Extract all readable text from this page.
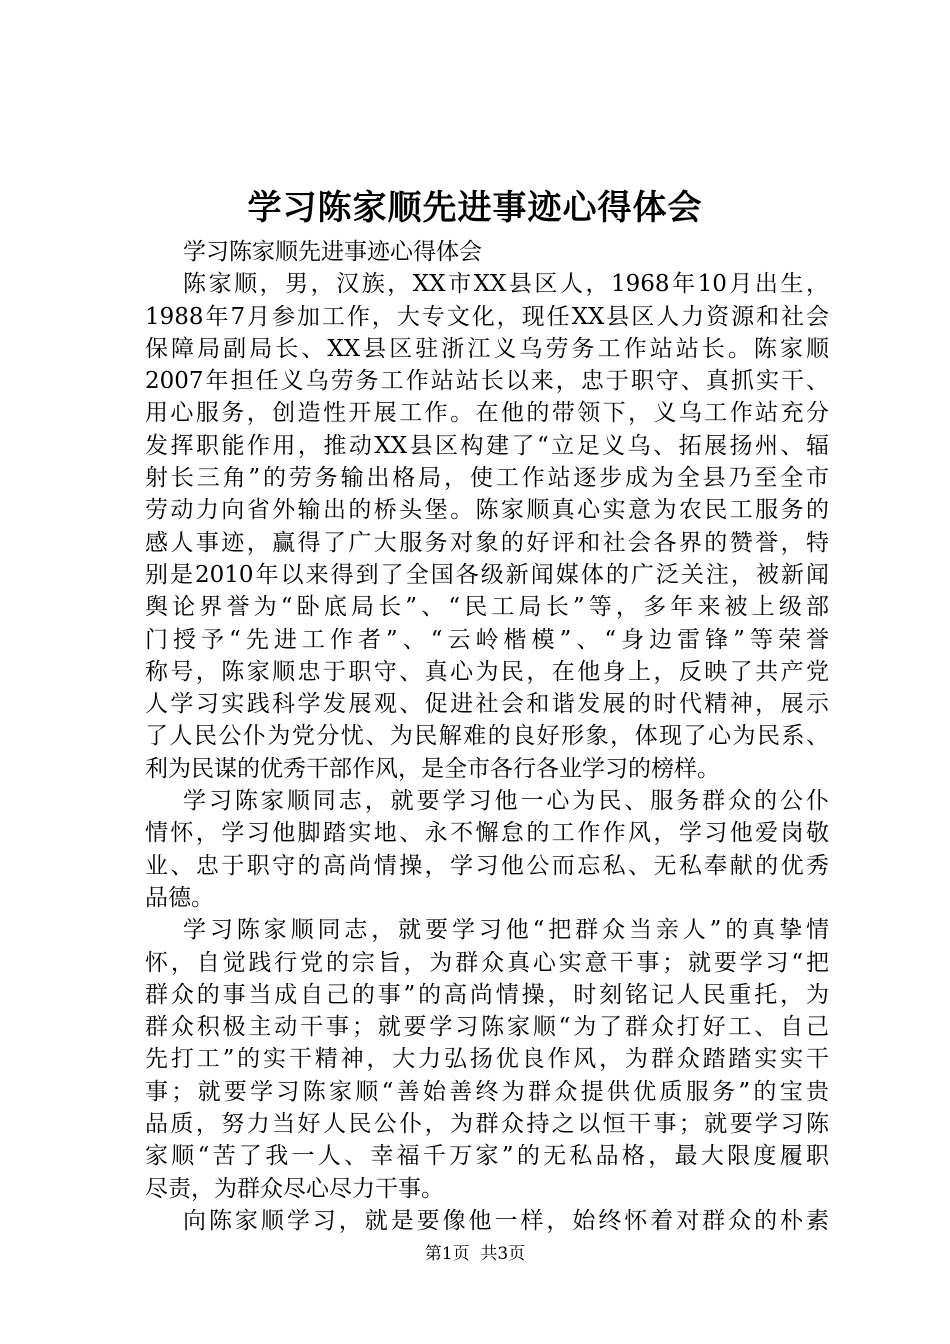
学习陈家顺先进事迹心得体会
学习陈家顺先进事迹心得体会
陈家顺，男，汉族，XX市XX县区人，1968年10月出生，
1988年7月参加工作，大专文化，现任XX县区人力资源和社会
保障局副局长、XX县区驻浙江义乌劳务工作站站长。陈家顺
2007年担任义乌劳务工作站站长以来，忠于职守、真抓实干、
用心服务，创造性开展工作。在他的带领下，义乌工作站充分
发挥职能作用，推动XX县区构建了“立足义乌、拓展扬州、辐
射长三角”的劳务输出格局，使工作站逐步成为全县乃至全市
劳动力向省外输出的桥头堡。陈家顺真心实意为农民工服务的
感人事迹，赢得了广大服务对象的好评和社会各界的赞誉，特
别是2010年以来得到了全国各级新闻媒体的广泛关注，被新闻
舆论界誉为“卧底局长”、“民工局长”等，多年来被上级部
门授予“先进工作者”、“云岭楷模”、“身边雷锋”等荣誉
称号，陈家顺忠于职守、真心为民，在他身上，反映了共产党
人学习实践科学发展观、促进社会和谐发展的时代精神，展示
了人民公仆为党分忧、为民解难的良好形象，体现了心为民系、
利为民谋的优秀干部作风，是全市各行各业学习的榜样。
学习陈家顺同志，就要学习他一心为民、服务群众的公仆
情怀，学习他脚踏实地、永不懈怠的工作作风，学习他爱岗敬
业、忠于职守的高尚情操，学习他公而忘私、无私奉献的优秀
品德。
学习陈家顺同志，就要学习他“把群众当亲人”的真挚情
怀，自觉践行党的宗旨，为群众真心实意干事；就要学习“把
群众的事当成自己的事”的高尚情操，时刻铭记人民重托，为
群众积极主动干事；就要学习陈家顺“为了群众打好工、自己
先打工”的实干精神，大力弘扬优良作风，为群众踏踏实实干
事；就要学习陈家顺“善始善终为群众提供优质服务”的宝贵
品质，努力当好人民公仆，为群众持之以恒干事；就要学习陈
家顺“苦了我一人、幸福千万家”的无私品格，最大限度履职
尽责，为群众尽心尽力干事。
向陈家顺学习，就是要像他一样，始终怀着对群众的朴素
第1页  共3页
